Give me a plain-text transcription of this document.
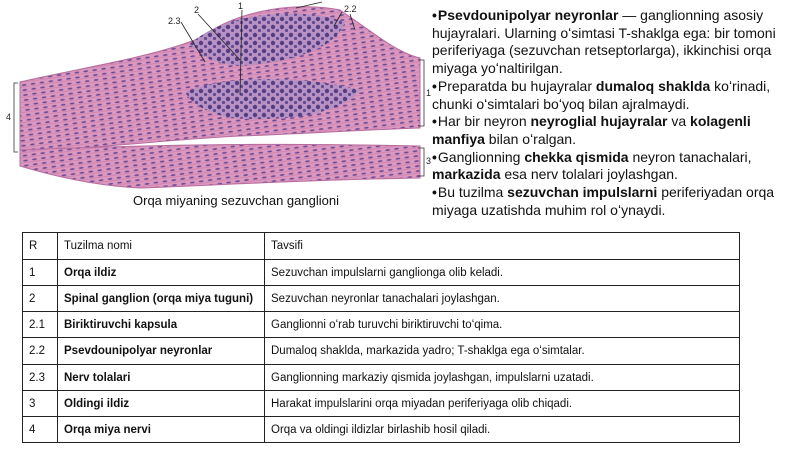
2.3
2	1	2.2
4
1
3
Orqa miyaning sezuvchan ganglioni

•Psevdounipolyar neyronlar — ganglionning asosiy hujayralari. Ularning oʻsimtasi T-shaklga ega: bir tomoni periferiyaga (sezuvchan retseptorlarga), ikkinchisi orqa miyaga yoʻnaltirilgan.

•Preparatda bu hujayralar dumaloq shaklda koʻrinadi, chunki oʻsimtalari boʻyoq bilan ajralmaydi.

•Har bir neyron neyroglial hujayralar va kolagenli manfiya bilan oʻralgan.

•Ganglionning chekka qismida neyron tanachalari, markazida esa nerv tolalari joylashgan.

•Bu tuzilma sezuvchan impulslarni periferiyadan orqa miyaga uzatishda muhim rol oʻynaydi.

R	Tuzilma nomi	Tavsifi
1	Orqa ildiz	Sezuvchan impulslarni ganglionga olib keladi.
2	Spinal ganglion (orqa miya tuguni)	Sezuvchan neyronlar tanachalari joylashgan.
2.1	Biriktiruvchi kapsula	Ganglionni oʻrab turuvchi biriktiruvchi toʻqima.
2.2	Psevdounipolyar neyronlar	Dumaloq shaklda, markazida yadro; T-shaklga ega oʻsimtalar.
2.3	Nerv tolalari	Ganglionning markaziy qismida joylashgan, impulslarni uzatadi.
3	Oldingi ildiz	Harakat impulslarini orqa miyadan periferiyaga olib chiqadi.
4	Orqa miya nervi	Orqa va oldingi ildizlar birlashib hosil qiladi.
